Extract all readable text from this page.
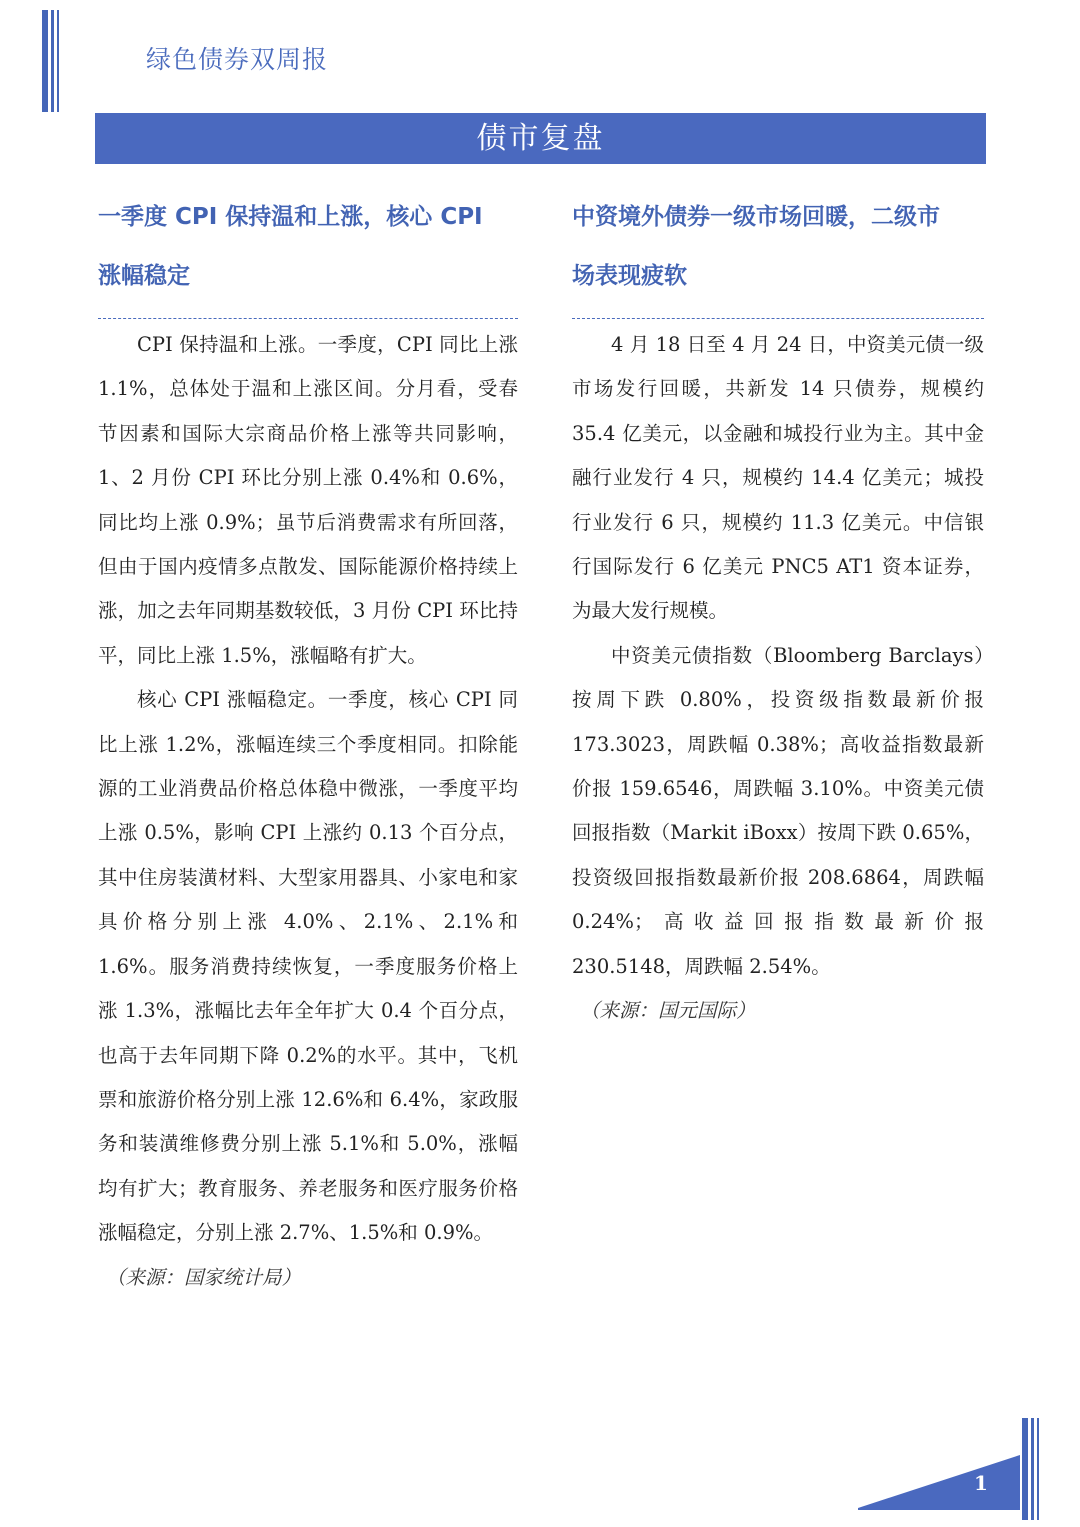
绿色债券双周报
债市复盘
一季度 CPI 保持温和上涨，核心 CPI
涨幅稳定

CPI 保持温和上涨。一季度，CPI 同比上涨 1.1%，总体处于温和上涨区间。分月看，受春节因素和国际大宗商品价格上涨等共同影响，1、2 月份 CPI 环比分别上涨 0.4%和 0.6%，同比均上涨 0.9%；虽节后消费需求有所回落，但由于国内疫情多点散发、国际能源价格持续上涨，加之去年同期基数较低，3 月份 CPI 环比持平，同比上涨 1.5%，涨幅略有扩大。

核心 CPI 涨幅稳定。一季度，核心 CPI 同比上涨 1.2%，涨幅连续三个季度相同。扣除能源的工业消费品价格总体稳中微涨，一季度平均上涨 0.5%，影响 CPI 上涨约 0.13 个百分点，其中住房装潢材料、大型家用器具、小家电和家具价格分别上涨 4.0%、2.1%、2.1%和 1.6%。服务消费持续恢复，一季度服务价格上涨 1.3%，涨幅比去年全年扩大 0.4 个百分点，也高于去年同期下降 0.2%的水平。其中，飞机票和旅游价格分别上涨 12.6%和 6.4%，家政服务和装潢维修费分别上涨 5.1%和 5.0%，涨幅均有扩大；教育服务、养老服务和医疗服务价格涨幅稳定，分别上涨 2.7%、1.5%和 0.9%。

（来源：国家统计局）

中资境外债券一级市场回暖，二级市
场表现疲软

4 月 18 日至 4 月 24 日，中资美元债一级市场发行回暖，共新发 14 只债券，规模约 35.4 亿美元，以金融和城投行业为主。其中金融行业发行 4 只，规模约 14.4 亿美元；城投行业发行 6 只，规模约 11.3 亿美元。中信银行国际发行 6 亿美元 PNC5 AT1 资本证券，为最大发行规模。

中资美元债指数（Bloomberg Barclays）按周下跌 0.80%，投资级指数最新价报 173.3023，周跌幅 0.38%；高收益指数最新价报 159.6546，周跌幅 3.10%。中资美元债回报指数（Markit iBoxx）按周下跌 0.65%，投资级回报指数最新价报 208.6864，周跌幅 0.24%；高收益回报指数最新价报 230.5148，周跌幅 2.54%。

（来源：国元国际）

1
